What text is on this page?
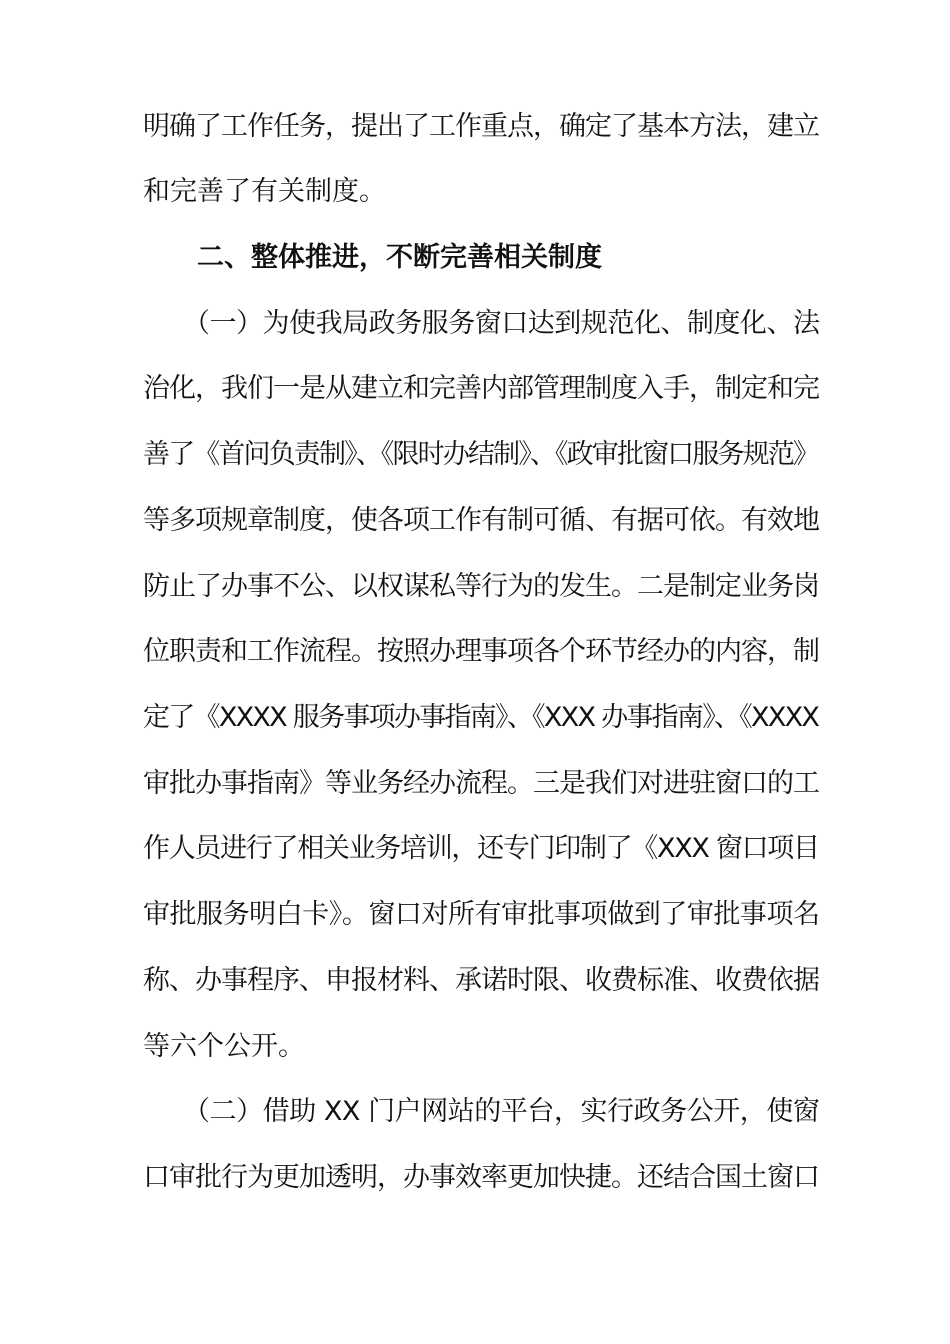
明确了工作任务，提出了工作重点，确定了基本方法，建立
和完善了有关制度。
二、整体推进，不断完善相关制度
（一）为使我局政务服务窗口达到规范化、制度化、法
治化，我们一是从建立和完善内部管理制度入手，制定和完
善了《首问负责制》、《限时办结制》、《政审批窗口服务规范》
等多项规章制度，使各项工作有制可循、有据可依。有效地
防止了办事不公、以权谋私等行为的发生。二是制定业务岗
位职责和工作流程。按照办理事项各个环节经办的内容，制
定了《XXXX 服务事项办事指南》、《XXX 办事指南》、《XXXX
审批办事指南》等业务经办流程。三是我们对进驻窗口的工
作人员进行了相关业务培训，还专门印制了《XXX 窗口项目
审批服务明白卡》。窗口对所有审批事项做到了审批事项名
称、办事程序、申报材料、承诺时限、收费标准、收费依据
等六个公开。
（二）借助 XX 门户网站的平台，实行政务公开，使窗
口审批行为更加透明，办事效率更加快捷。还结合国土窗口
